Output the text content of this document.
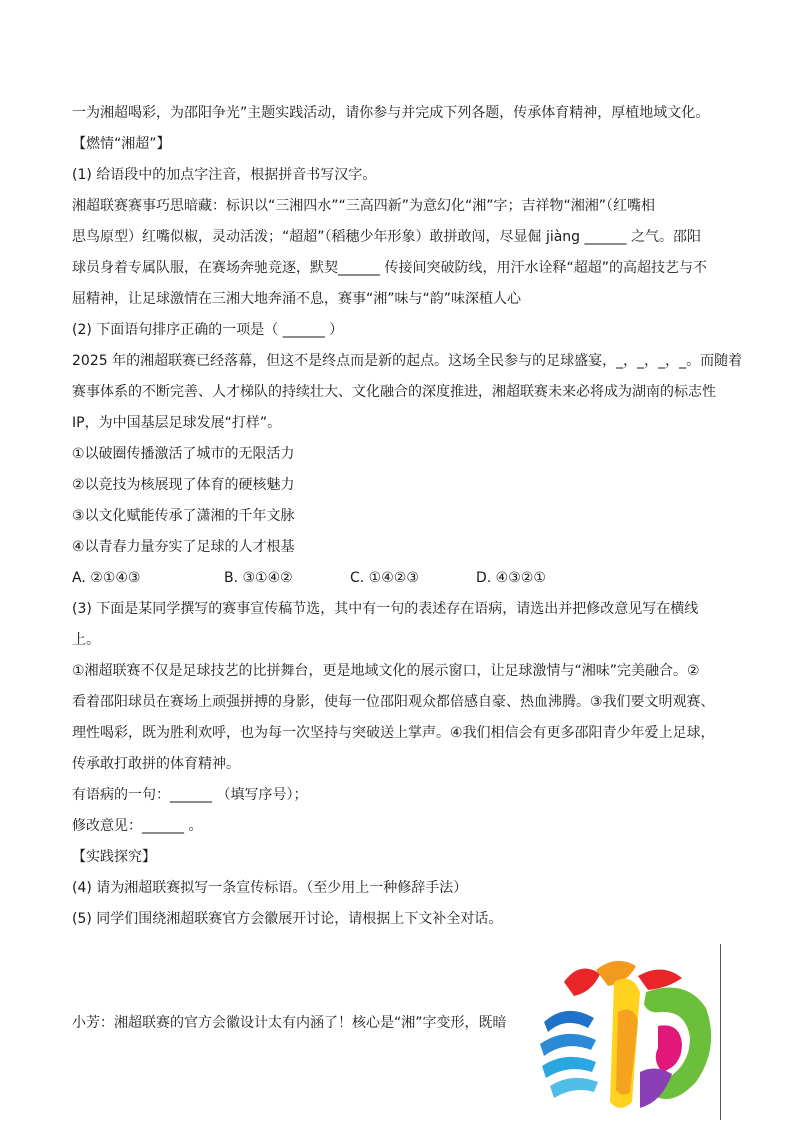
一为湘超喝彩，为邵阳争光”主题实践活动，请你参与并完成下列各题，传承体育精神，厚植地域文化。
【燃情“湘超”】
(1) 给语段中的加点字注音，根据拼音书写汉字。
湘超联赛赛事巧思暗藏：标识以“三湘四水”“三高四新”为意幻化“湘”字；吉祥物“湘湘”（红嘴相
思鸟原型）红嘴似椒，灵动活泼；“超超”（稻穗少年形象）敢拼敢闯，尽显倔 jiàng ______ 之气。邵阳
球员身着专属队服，在赛场奔驰竞逐，默契______ 传接间突破防线，用汗水诠释“超超”的高超技艺与不
屈精神，让足球激情在三湘大地奔涌不息，赛事“湘”味与“韵”味深植人心
(2) 下面语句排序正确的一项是（ ______ ）
2025 年的湘超联赛已经落幕，但这不是终点而是新的起点。这场全民参与的足球盛宴，_，_，_，_。而随着
赛事体系的不断完善、人才梯队的持续壮大、文化融合的深度推进，湘超联赛未来必将成为湖南的标志性
IP，为中国基层足球发展“打样”。
①以破圈传播激活了城市的无限活力
②以竞技为核展现了体育的硬核魅力
③以文化赋能传承了潇湘的千年文脉
④以青春力量夯实了足球的人才根基
A. ②①④③	B. ③①④②	C. ①④②③	D. ④③②①
(3) 下面是某同学撰写的赛事宣传稿节选，其中有一句的表述存在语病，请选出并把修改意见写在横线
上。
①湘超联赛不仅是足球技艺的比拼舞台，更是地域文化的展示窗口，让足球激情与“湘味”完美融合。②
看着邵阳球员在赛场上顽强拼搏的身影，使每一位邵阳观众都倍感自豪、热血沸腾。③我们要文明观赛、
理性喝彩，既为胜利欢呼，也为每一次坚持与突破送上掌声。④我们相信会有更多邵阳青少年爱上足球，
传承敢打敢拼的体育精神。
有语病的一句：______ （填写序号）；
修改意见：______ 。
【实践探究】
(4) 请为湘超联赛拟写一条宣传标语。（至少用上一种修辞手法）
(5) 同学们围绕湘超联赛官方会徽展开讨论，请根据上下文补全对话。
小芳：湘超联赛的官方会徽设计太有内涵了！核心是“湘”字变形，既暗
